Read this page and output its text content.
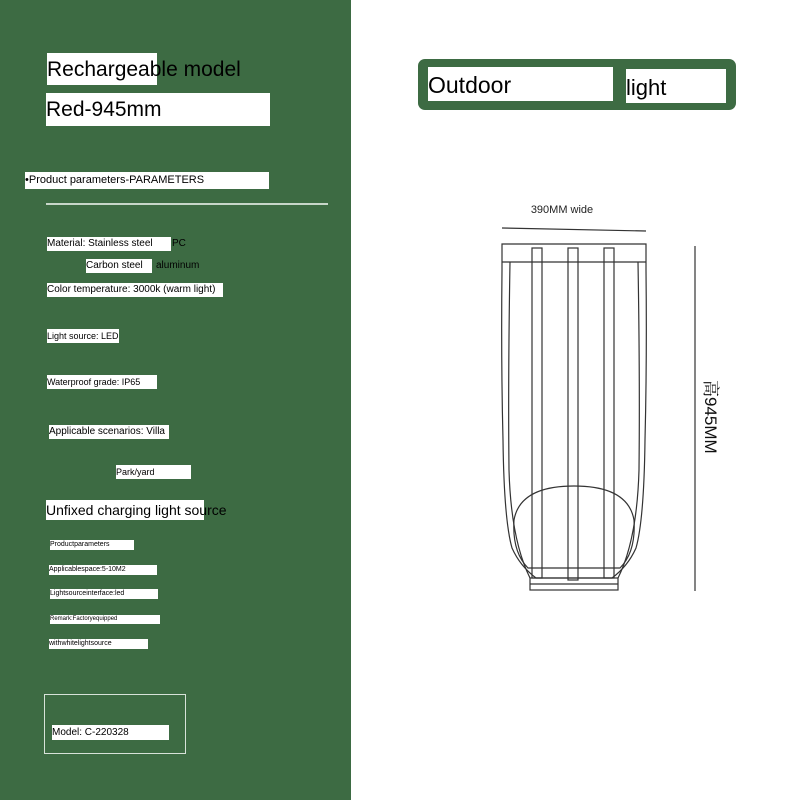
Rechargeable model
Red-945mm
•Product parameters-PARAMETERS
Material: Stainless steel	PC
Carbon steel	aluminum
Color temperature: 3000k (warm light)
Light source: LED
Waterproof grade: IP65
Applicable scenarios: Villa
Park/yard
Unfixed charging light source
Productparameters
Applicablespace:5-10M2
Lightsourceinterface:led
Remark:Factoryequipped
withwhitelightsource
Model: C-220328
Outdoor	light
390MM wide
高945MM
